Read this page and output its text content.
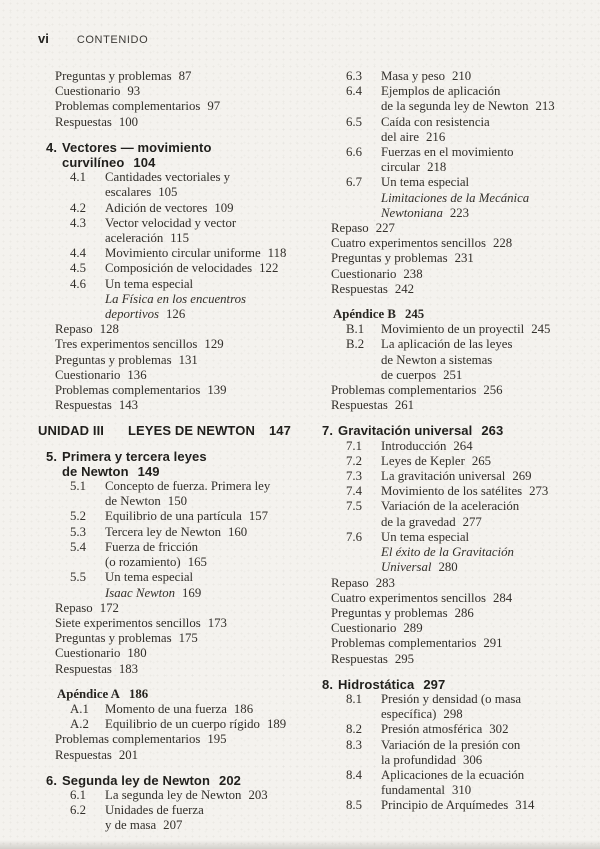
vi	CONTENIDO
Preguntas y problemas 87
Cuestionario 93
Problemas complementarios 97
Respuestas 100
4. Vectores — movimiento
curvilíneo 104
4.1 Cantidades vectoriales y
escalares 105
4.2 Adición de vectores 109
4.3 Vector velocidad y vector
aceleración 115
4.4 Movimiento circular uniforme 118
4.5 Composición de velocidades 122
4.6 Un tema especial
La Física en los encuentros
deportivos 126
Repaso 128
Tres experimentos sencillos 129
Preguntas y problemas 131
Cuestionario 136
Problemas complementarios 139
Respuestas 143
UNIDAD III LEYES DE NEWTON 147
5. Primera y tercera leyes
de Newton 149
5.1 Concepto de fuerza. Primera ley
de Newton 150
5.2 Equilibrio de una partícula 157
5.3 Tercera ley de Newton 160
5.4 Fuerza de fricción
(o rozamiento) 165
5.5 Un tema especial
Isaac Newton 169
Repaso 172
Siete experimentos sencillos 173
Preguntas y problemas 175
Cuestionario 180
Respuestas 183
Apéndice A 186
A.1 Momento de una fuerza 186
A.2 Equilibrio de un cuerpo rígido 189
Problemas complementarios 195
Respuestas 201
6. Segunda ley de Newton 202
6.1 La segunda ley de Newton 203
6.2 Unidades de fuerza
y de masa 207
6.3 Masa y peso 210
6.4 Ejemplos de aplicación
de la segunda ley de Newton 213
6.5 Caída con resistencia
del aire 216
6.6 Fuerzas en el movimiento
circular 218
6.7 Un tema especial
Limitaciones de la Mecánica
Newtoniana 223
Repaso 227
Cuatro experimentos sencillos 228
Preguntas y problemas 231
Cuestionario 238
Respuestas 242
Apéndice B 245
B.1 Movimiento de un proyectil 245
B.2 La aplicación de las leyes
de Newton a sistemas
de cuerpos 251
Problemas complementarios 256
Respuestas 261
7. Gravitación universal 263
7.1 Introducción 264
7.2 Leyes de Kepler 265
7.3 La gravitación universal 269
7.4 Movimiento de los satélites 273
7.5 Variación de la aceleración
de la gravedad 277
7.6 Un tema especial
El éxito de la Gravitación
Universal 280
Repaso 283
Cuatro experimentos sencillos 284
Preguntas y problemas 286
Cuestionario 289
Problemas complementarios 291
Respuestas 295
8. Hidrostática 297
8.1 Presión y densidad (o masa
específica) 298
8.2 Presión atmosférica 302
8.3 Variación de la presión con
la profundidad 306
8.4 Aplicaciones de la ecuación
fundamental 310
8.5 Principio de Arquímedes 314
